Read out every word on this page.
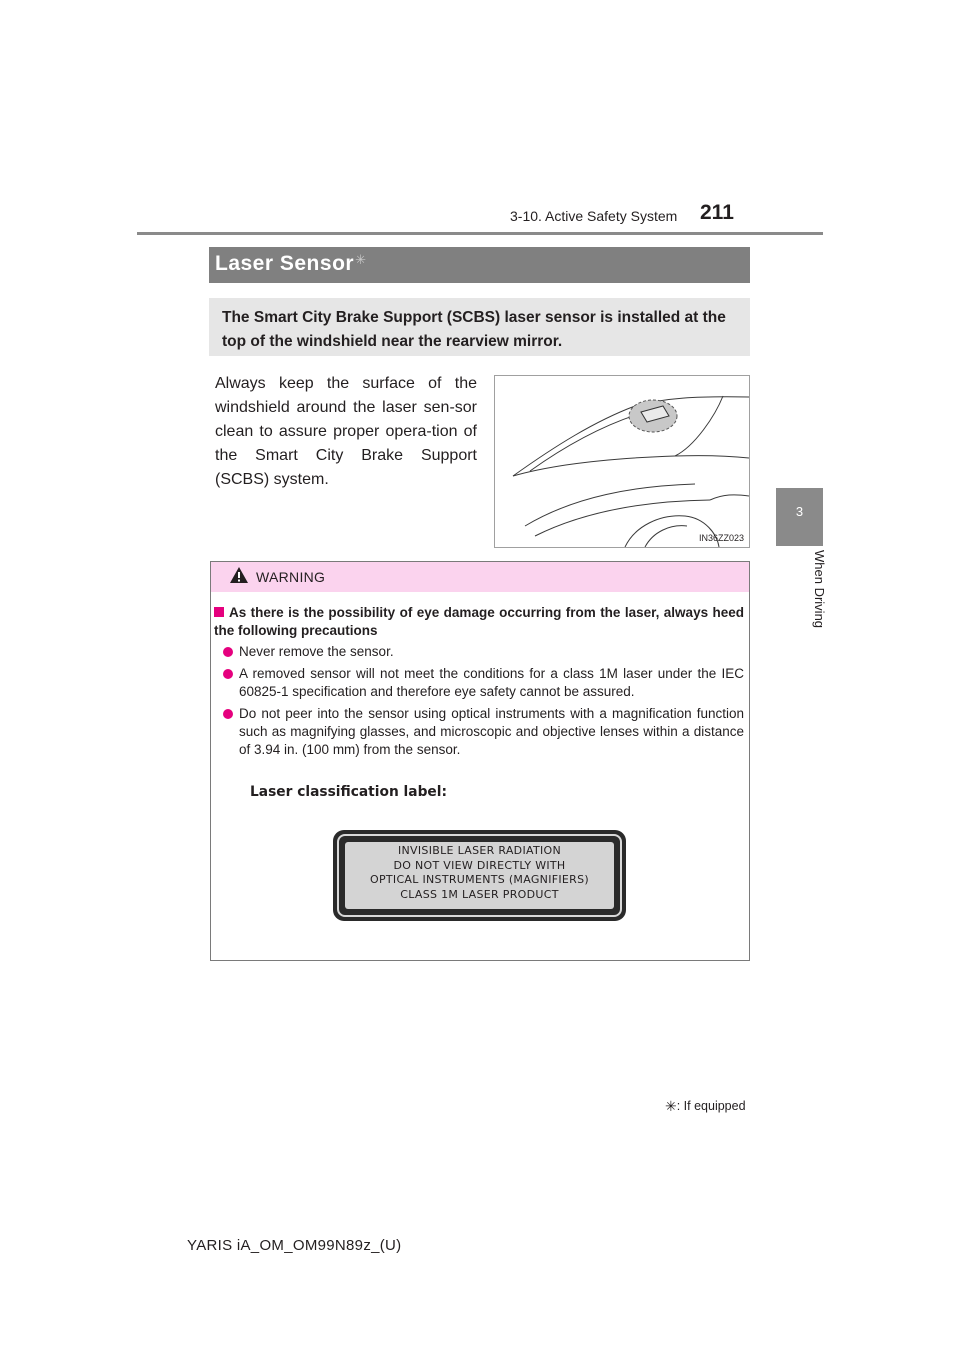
3-10. Active Safety System 211
3
When Driving
Laser Sensor✳
The Smart City Brake Support (SCBS) laser sensor is installed at the top of the windshield near the rearview mirror.
Always keep the surface of the windshield around the laser sen-sor clean to assure proper opera-tion of the Smart City Brake Support (SCBS) system.
IN36ZZ023
WARNING
As there is the possibility of eye damage occurring from the laser, always heed the following precautions
Never remove the sensor.
A removed sensor will not meet the conditions for a class 1M laser under the IEC 60825-1 specification and therefore eye safety cannot be assured.
Do not peer into the sensor using optical instruments with a magnification function such as magnifying glasses, and microscopic and objective lenses within a distance of 3.94 in. (100 mm) from the sensor.
Laser classification label:
INVISIBLE LASER RADIATION
DO NOT VIEW DIRECTLY WITH
OPTICAL INSTRUMENTS (MAGNIFIERS)
CLASS 1M LASER PRODUCT
✳: If equipped
YARIS iA_OM_OM99N89z_(U)
